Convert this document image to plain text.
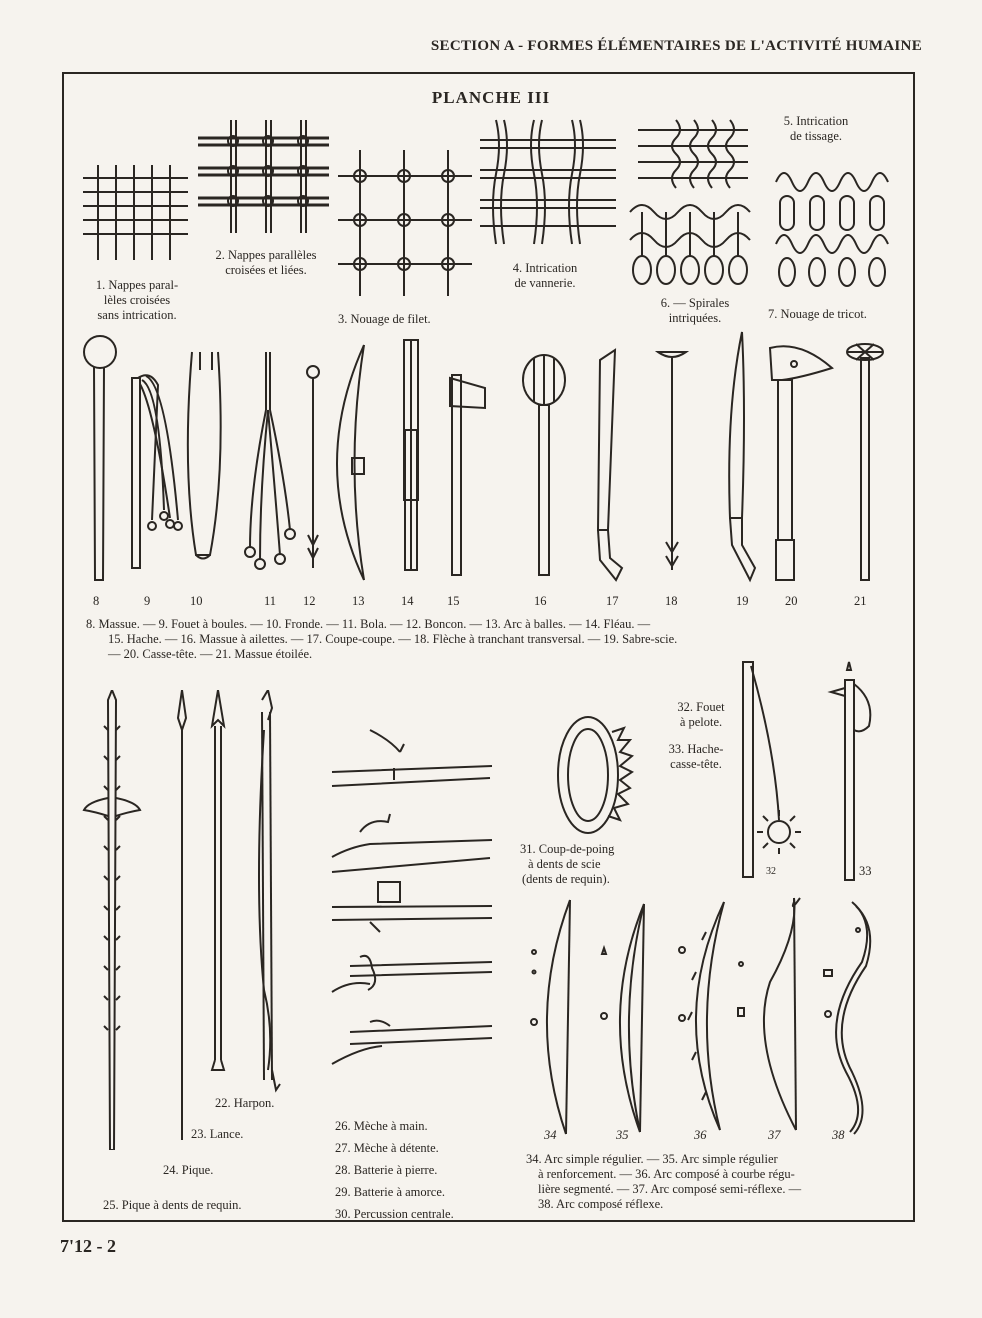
SECTION A - FORMES ÉLÉMENTAIRES DE L'ACTIVITÉ HUMAINE
PLANCHE III
1. Nappes paral-
lèles croisées
sans intrication.
2. Nappes parallèles
croisées et liées.
3. Nouage de filet.
4. Intrication
de vannerie.
5. Intrication
de tissage.
6. — Spirales
intriquées.	7. Nouage de tricot.
8	9	10	11 12	13	14	15	16	17	18	19	20	21
8. Massue. — 9. Fouet à boules. — 10. Fronde. — 11. Bola. — 12. Boncon. — 13. Arc à balles. — 14. Fléau. —
15. Hache. — 16. Massue à ailettes. — 17. Coupe-coupe. — 18. Flèche à tranchant transversal. — 19. Sabre-scie.
— 20. Casse-tête. — 21. Massue étoilée.
22. Harpon.
23. Lance.
24. Pique.
25. Pique à dents de requin.
26. Mèche à main.
27. Mèche à détente.
28. Batterie à pierre.
29. Batterie à amorce.
30. Percussion centrale.
31. Coup-de-poing
à dents de scie
(dents de requin).
32. Fouet
à pelote.
33. Hache-
casse-tête.
32	33
34	35	36	37	38
34. Arc simple régulier. — 35. Arc simple régulier
à renforcement. — 36. Arc composé à courbe régu-
lière segmenté. — 37. Arc composé semi-réflexe. —
38. Arc composé réflexe.
7'12 - 2
